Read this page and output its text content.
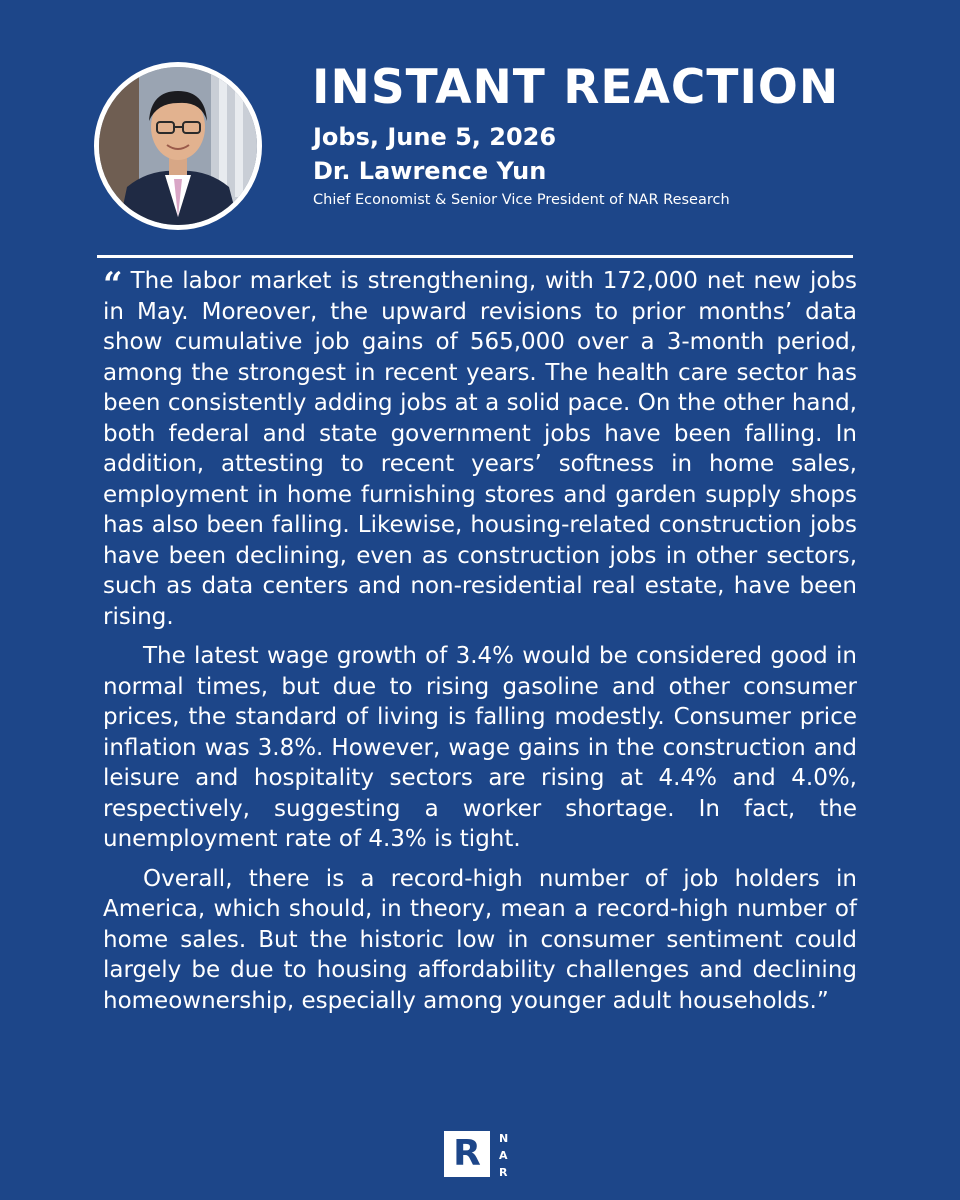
INSTANT REACTION
Jobs, June 5, 2026
Dr. Lawrence Yun
Chief Economist & Senior Vice President of NAR Research

“ The labor market is strengthening, with 172,000 net new jobs in May. Moreover, the upward revisions to prior months’ data show cumulative job gains of 565,000 over a 3-month period, among the strongest in recent years. The health care sector has been consistently adding jobs at a solid pace. On the other hand, both federal and state government jobs have been falling. In addition, attesting to recent years’ softness in home sales, employment in home furnishing stores and garden supply shops has also been falling. Likewise, housing-related construction jobs have been declining, even as construction jobs in other sectors, such as data centers and non-residential real estate, have been rising.

The latest wage growth of 3.4% would be considered good in normal times, but due to rising gasoline and other consumer prices, the standard of living is falling modestly. Consumer price inflation was 3.8%. However, wage gains in the construction and leisure and hospitality sectors are rising at 4.4% and 4.0%, respectively, suggesting a worker shortage. In fact, the unemployment rate of 4.3% is tight.

Overall, there is a record-high number of job holders in America, which should, in theory, mean a record-high number of home sales. But the historic low in consumer sentiment could largely be due to housing affordability challenges and declining homeownership, especially among younger adult households.”

R	N
A
R
